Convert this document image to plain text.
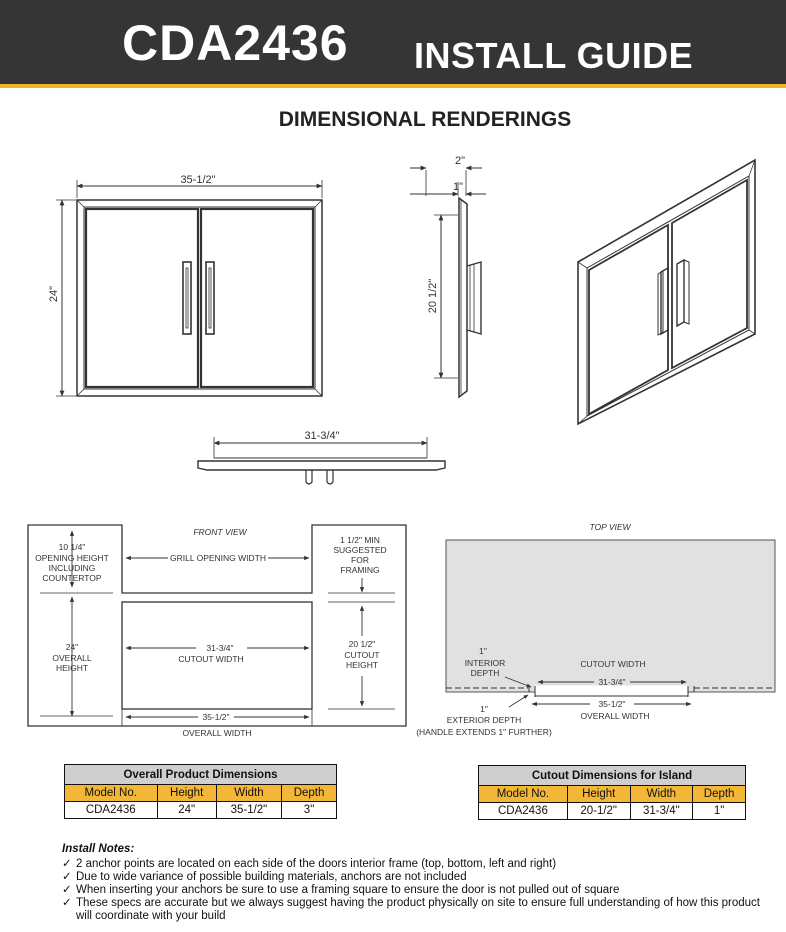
CDA2436 INSTALL GUIDE
DIMENSIONAL RENDERINGS
35-1/2"
24"
2"
1"
20 1/2"
31-3/4"
FRONT VIEW
10 1/4"
OPENING HEIGHT
INCLUDING
COUNTERTOP
GRILL OPENING WIDTH
1 1/2" MIN
SUGGESTED
FOR
FRAMING
24"
OVERALL
HEIGHT
31-3/4"
CUTOUT WIDTH
20 1/2"
CUTOUT
HEIGHT
35-1/2"
OVERALL WIDTH
TOP VIEW
1"
INTERIOR
DEPTH
CUTOUT WIDTH
31-3/4"
35-1/2"
OVERALL WIDTH
1"
EXTERIOR DEPTH
(HANDLE EXTENDS 1" FURTHER)
Overall Product Dimensions			
Model No.	Height	Width	Depth
CDA2436	24"	35-1/2"	3"
Cutout Dimensions for Island			
Model No.	Height	Width	Depth
CDA2436	20-1/2"	31-3/4"	1"
Install Notes:
✓ 2 anchor points are located on each side of the doors interior frame (top, bottom, left and right)
✓ Due to wide variance of possible building materials, anchors are not included
✓ When inserting your anchors be sure to use a framing square to ensure the door is not pulled out of square
✓ These specs are accurate but we always suggest having the product physically on site to ensure full understanding of how this product will coordinate with your build
